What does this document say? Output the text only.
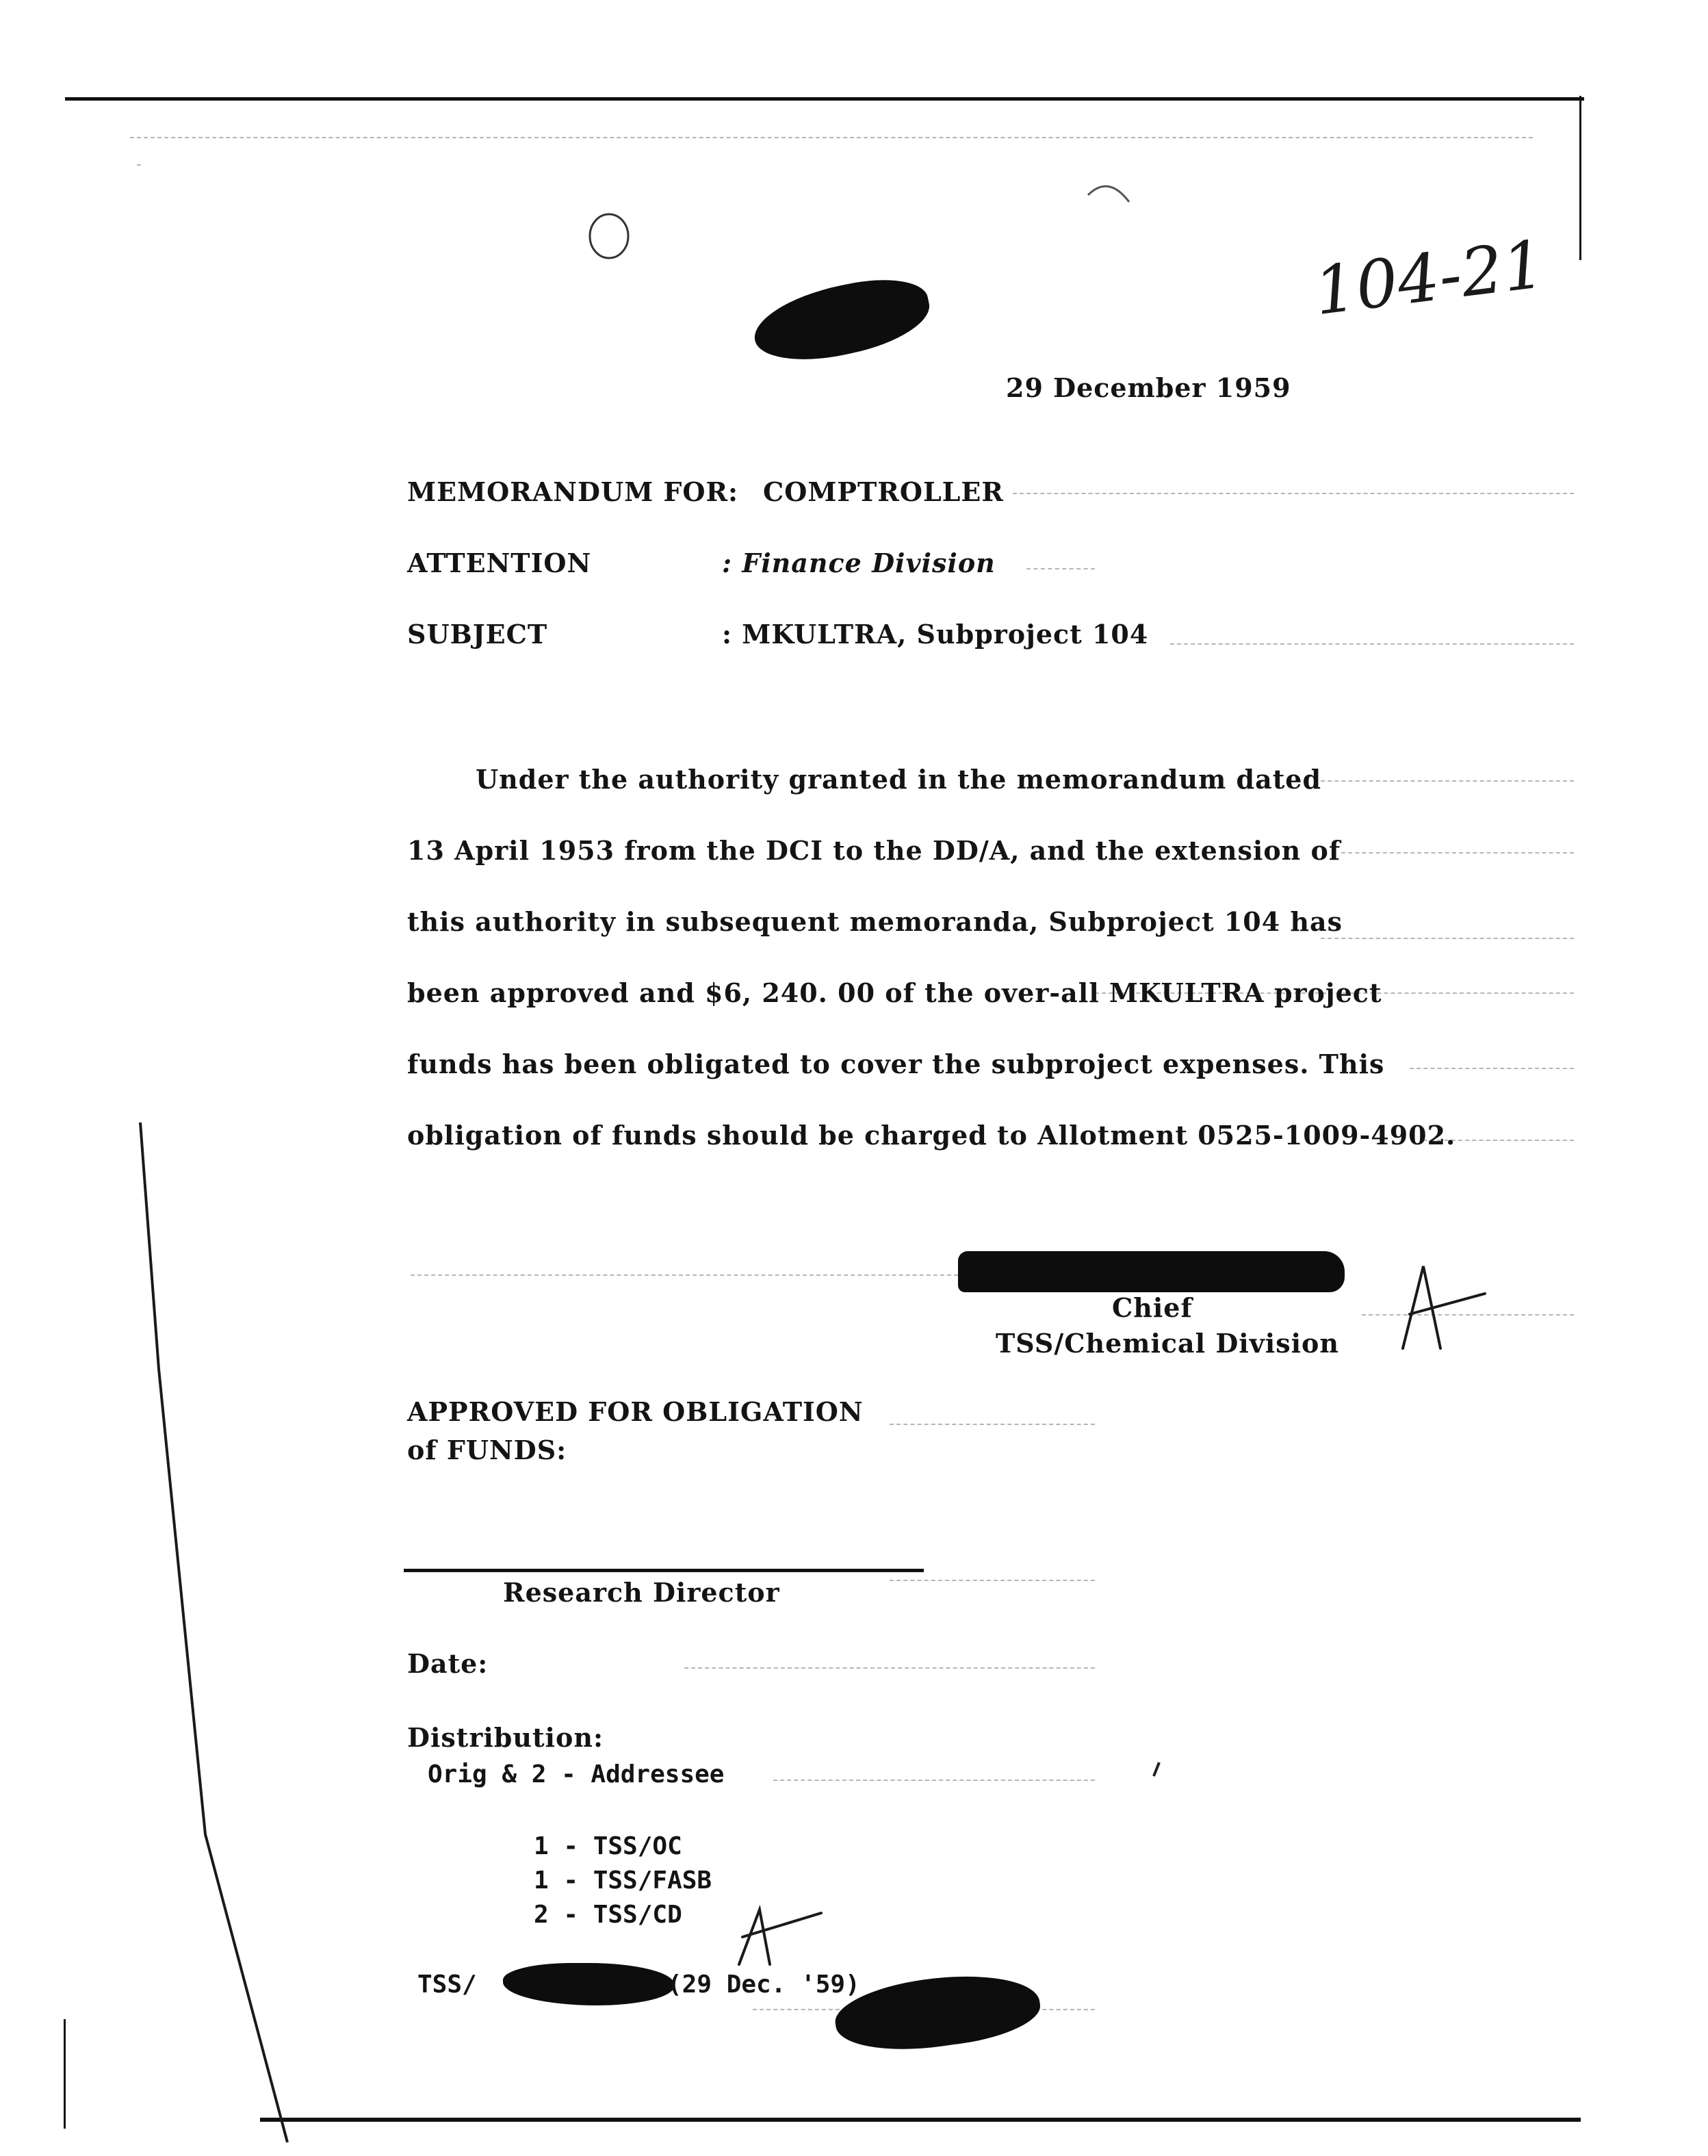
104-21
29 December 1959
MEMORANDUM FOR: COMPTROLLER
ATTENTION	: Finance Division
SUBJECT	: MKULTRA, Subproject 104
Under the authority granted in the memorandum dated
13 April 1953 from the DCI to the DD/A, and the extension of
this authority in subsequent memoranda, Subproject 104 has
been approved and $6, 240. 00 of the over-all MKULTRA project
funds has been obligated to cover the subproject expenses. This
obligation of funds should be charged to Allotment 0525-1009-4902.
Chief
TSS/Chemical Division
APPROVED FOR OBLIGATION
of FUNDS:
Research Director
Date:
Distribution:
Orig & 2 - Addressee
1 - TSS/OC
1 - TSS/FASB
2 - TSS/CD
TSS/	(29 Dec. '59)
